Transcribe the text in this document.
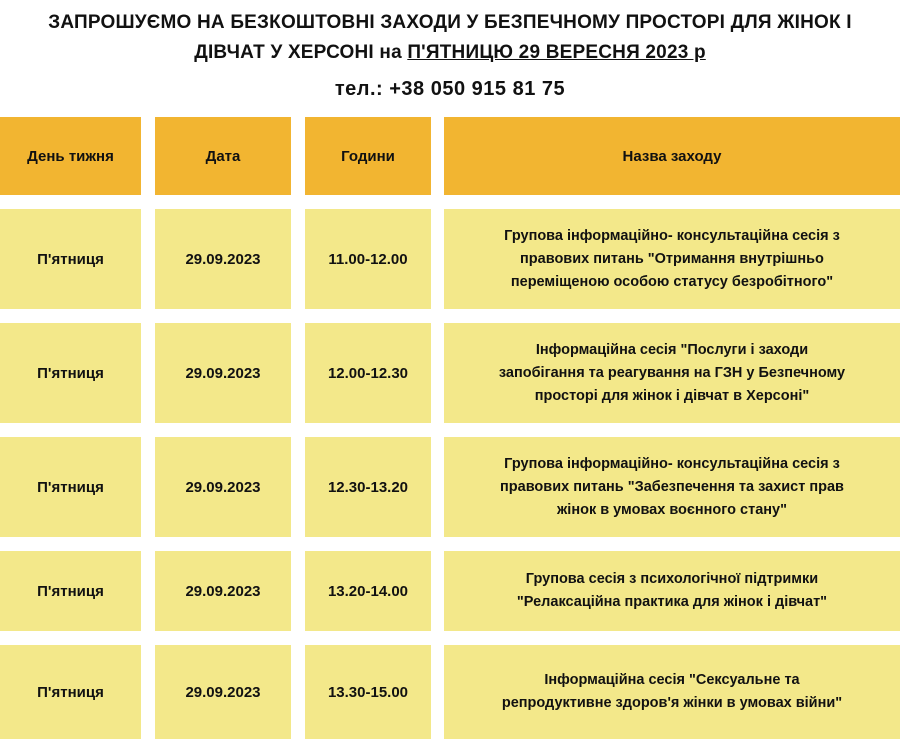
ЗАПРОШУЄМО НА БЕЗКОШТОВНІ ЗАХОДИ У БЕЗПЕЧНОМУ ПРОСТОРІ ДЛЯ ЖІНОК І
ДІВЧАТ У ХЕРСОНІ на П'ЯТНИЦЮ 29 ВЕРЕСНЯ 2023 р
тел.: +38 050 915 81 75
День тижня	Дата	Години	Назва заходу
П'ятниця	29.09.2023	11.00-12.00
Групова інформаційно- консультаційна сесія з
правових питань "Отримання внутрішньо
переміщеною особою статусу безробітного"
П'ятниця	29.09.2023	12.00-12.30
Інформаційна сесія "Послуги і заходи
запобігання та реагування на ГЗН у Безпечному
просторі для жінок і дівчат в Херсоні"
П'ятниця	29.09.2023	12.30-13.20
Групова інформаційно- консультаційна сесія з
правових питань "Забезпечення та захист прав
жінок в умовах воєнного стану"
П'ятниця	29.09.2023	13.20-14.00
Групова сесія з психологічної підтримки
"Релаксаційна практика для жінок і дівчат"
П'ятниця	29.09.2023	13.30-15.00
Інформаційна сесія "Сексуальне та
репродуктивне здоров'я жінки в умовах війни"
